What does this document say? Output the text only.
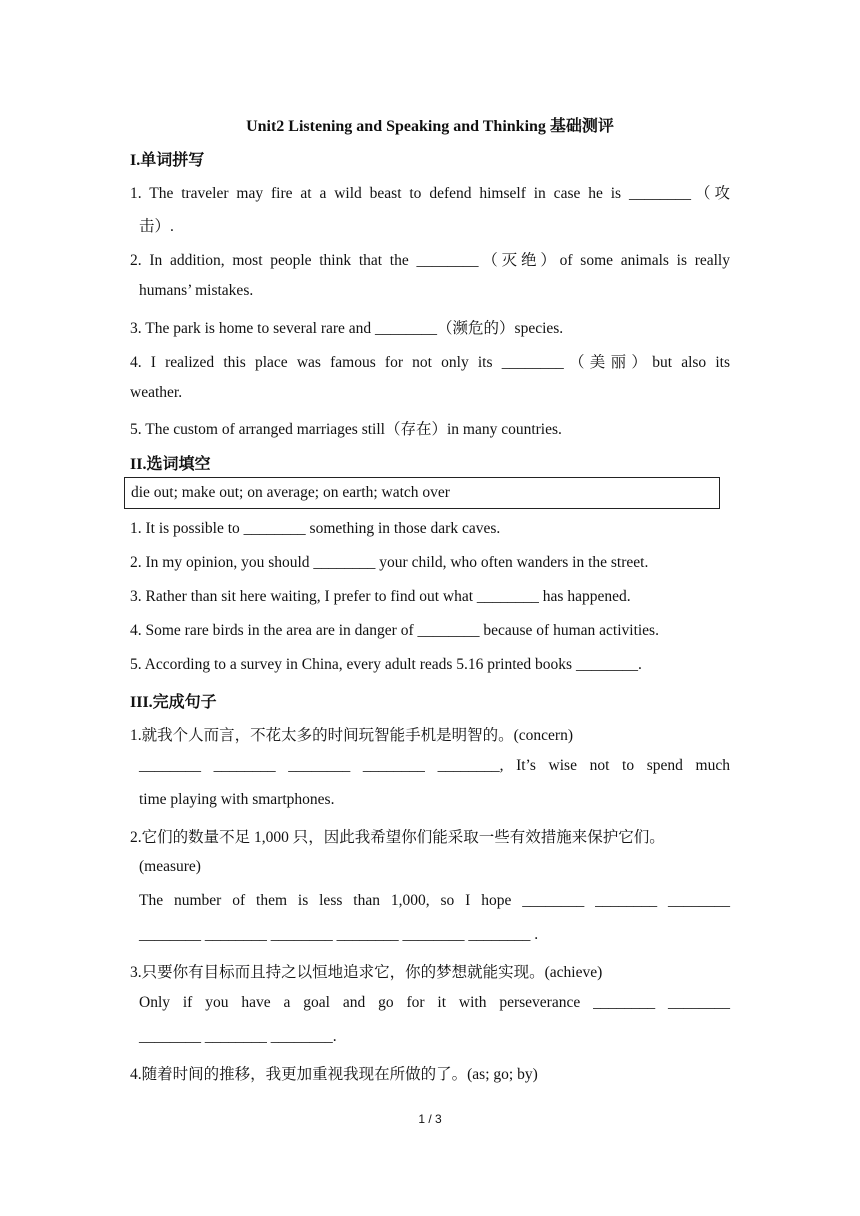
Unit2 Listening and Speaking and Thinking 基础测评
I.单词拼写
1. The traveler may fire at a wild beast to defend himself in case he is ________（攻
击）.
2. In addition, most people think that the ________（灭绝）of some animals is really
humans’ mistakes.
3. The park is home to several rare and ________（濒危的）species.
4. I realized this place was famous for not only its ________（美丽）but also its
weather.
5. The custom of arranged marriages still（存在）in many countries.
II.选词填空
die out; make out; on average; on earth; watch over
1. It is possible to ________ something in those dark caves.
2. In my opinion, you should ________ your child, who often wanders in the street.
3. Rather than sit here waiting, I prefer to find out what ________ has happened.
4. Some rare birds in the area are in danger of ________ because of human activities.
5. According to a survey in China, every adult reads 5.16 printed books ________.
III.完成句子
1.就我个人而言，不花太多的时间玩智能手机是明智的。(concern)
________ ________ ________ ________ ________, It’s wise not to spend much
time playing with smartphones.
2.它们的数量不足 1,000 只，因此我希望你们能采取一些有效措施来保护它们。
(measure)
The number of them is less than 1,000, so I hope ________ ________ ________
________ ________ ________ ________ ________ ________ .
3.只要你有目标而且持之以恒地追求它，你的梦想就能实现。(achieve)
Only if you have a goal and go for it with perseverance ________ ________
________ ________ ________.
4.随着时间的推移，我更加重视我现在所做的了。(as; go; by)
1 / 3
